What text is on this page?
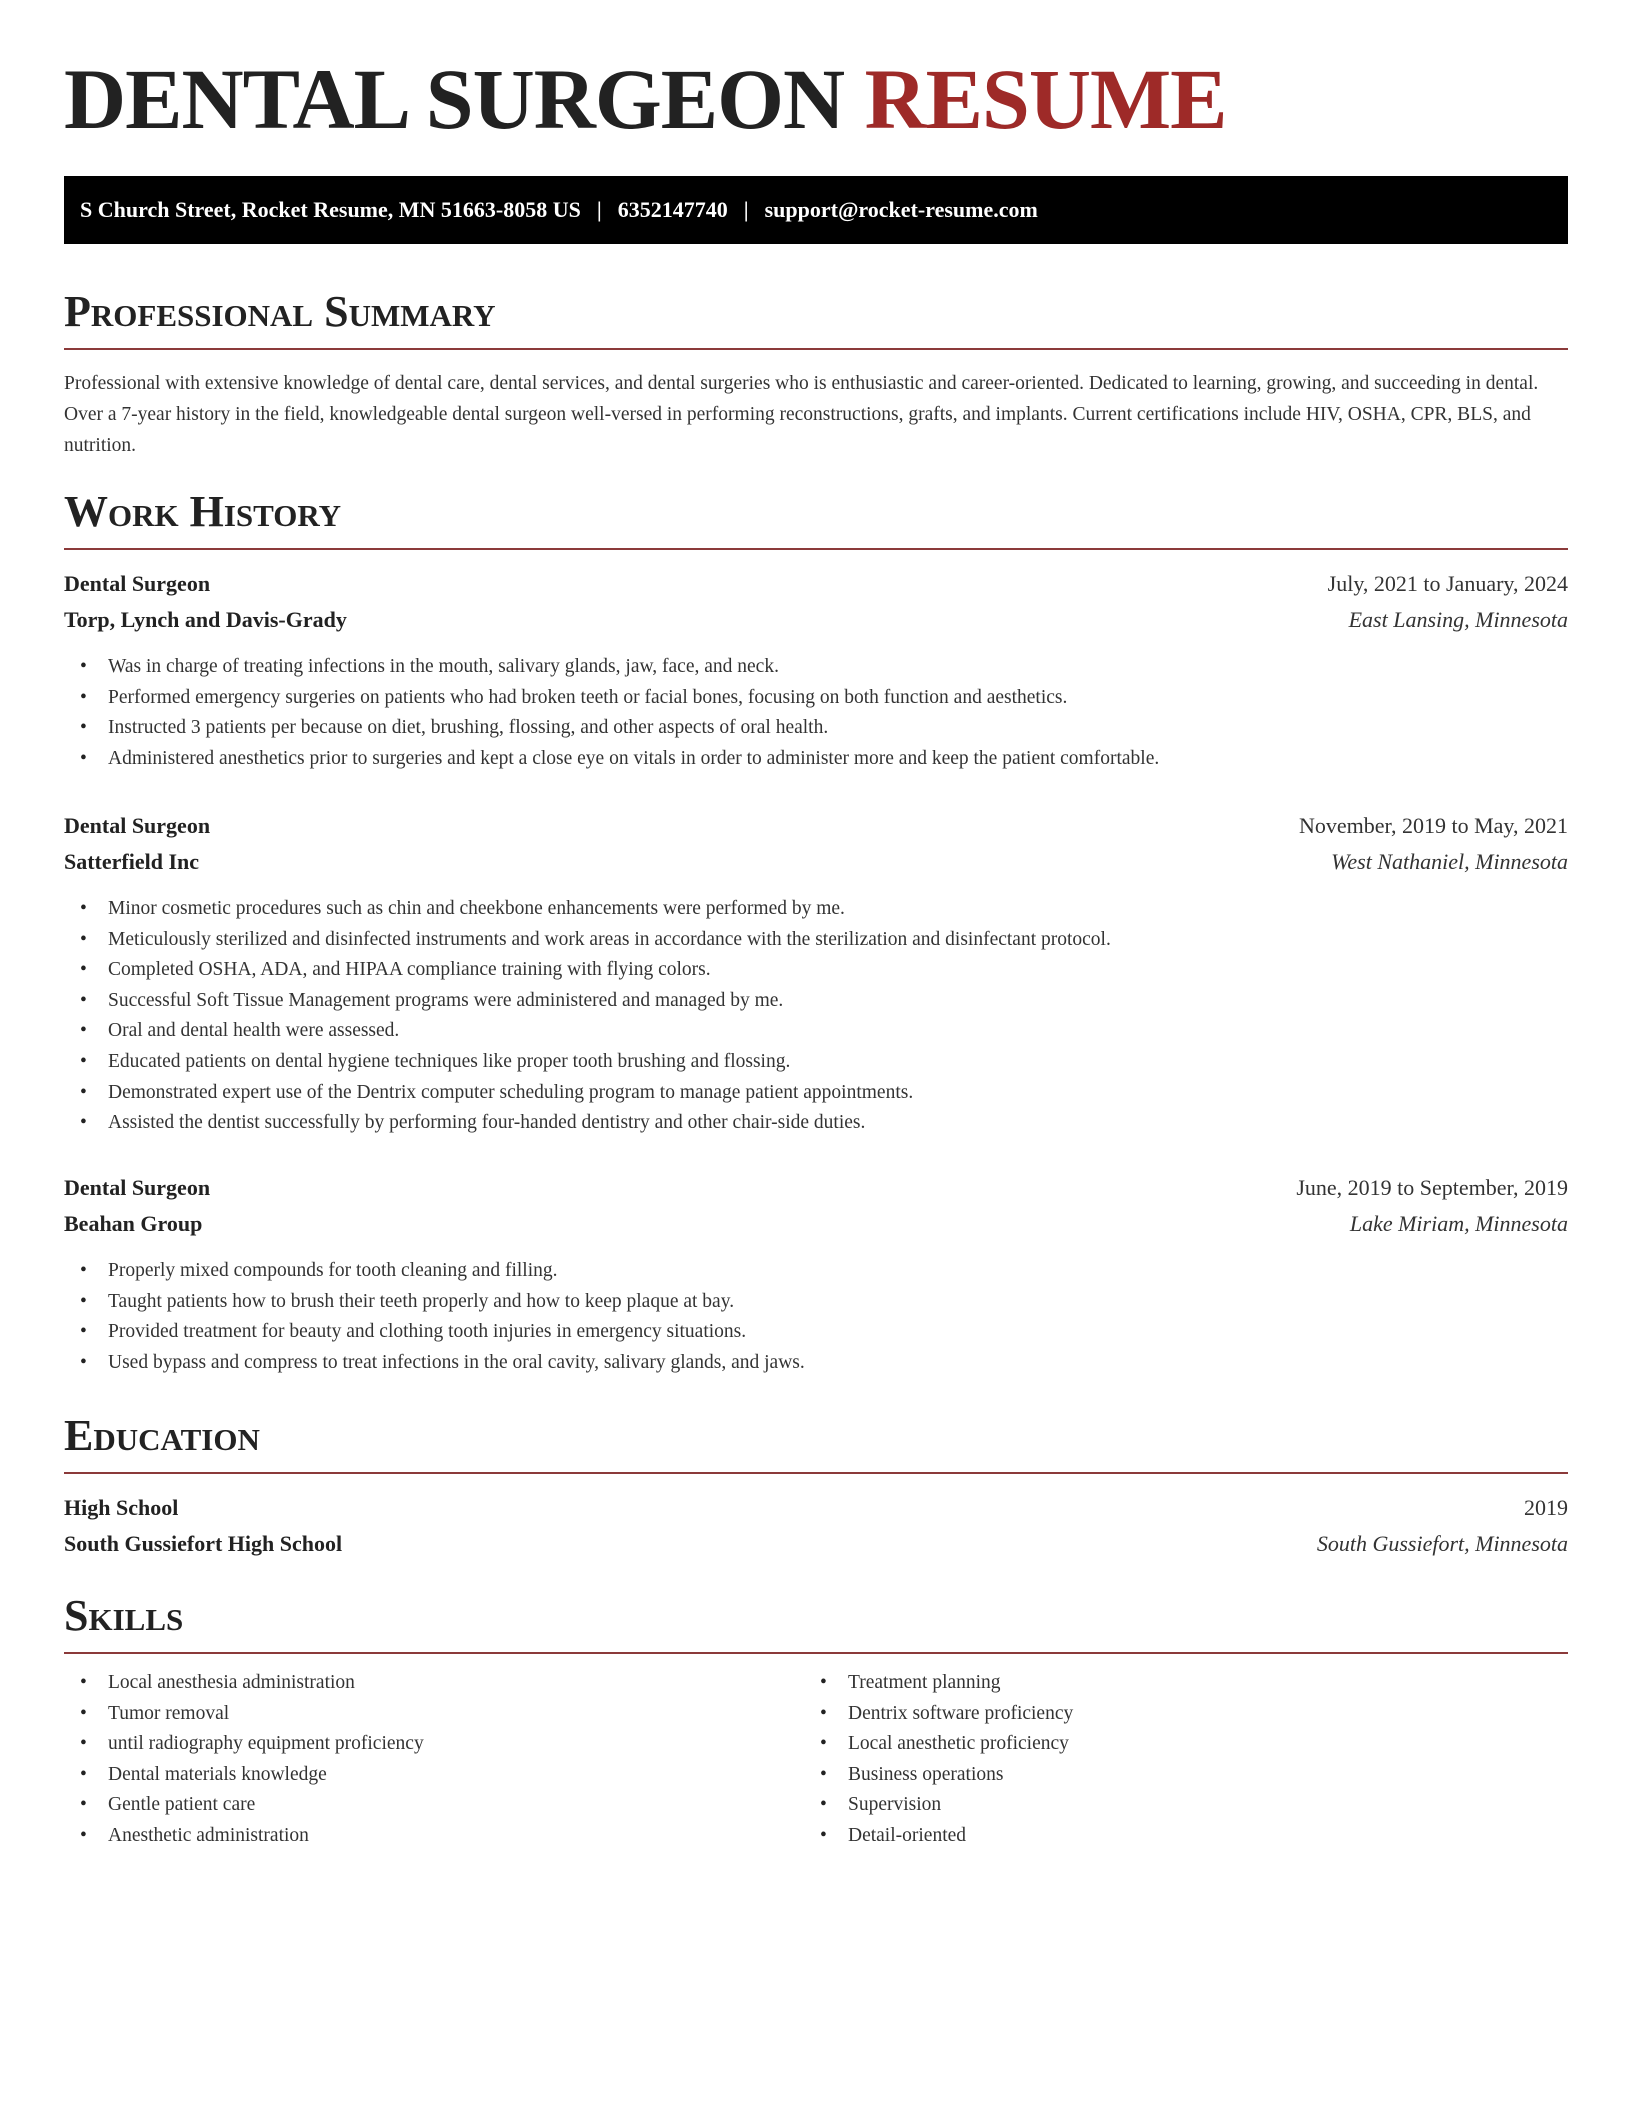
DENTAL SURGEON RESUME
S Church Street, Rocket Resume, MN 51663-8058 US | 6352147740 | support@rocket-resume.com
Professional Summary

Professional with extensive knowledge of dental care, dental services, and dental surgeries who is enthusiastic and career-oriented. Dedicated to learning, growing, and succeeding in dental. Over a 7-year history in the field, knowledgeable dental surgeon well-versed in performing reconstructions, grafts, and implants. Current certifications include HIV, OSHA, CPR, BLS, and nutrition.

Work History
Dental Surgeon	July, 2021 to January, 2024
Torp, Lynch and Davis-Grady	East Lansing, Minnesota
• Was in charge of treating infections in the mouth, salivary glands, jaw, face, and neck.
• Performed emergency surgeries on patients who had broken teeth or facial bones, focusing on both function and aesthetics.
• Instructed 3 patients per because on diet, brushing, flossing, and other aspects of oral health.
• Administered anesthetics prior to surgeries and kept a close eye on vitals in order to administer more and keep the patient comfortable.
Dental Surgeon	November, 2019 to May, 2021
Satterfield Inc	West Nathaniel, Minnesota
• Minor cosmetic procedures such as chin and cheekbone enhancements were performed by me.
• Meticulously sterilized and disinfected instruments and work areas in accordance with the sterilization and disinfectant protocol.
• Completed OSHA, ADA, and HIPAA compliance training with flying colors.
• Successful Soft Tissue Management programs were administered and managed by me.
• Oral and dental health were assessed.
• Educated patients on dental hygiene techniques like proper tooth brushing and flossing.
• Demonstrated expert use of the Dentrix computer scheduling program to manage patient appointments.
• Assisted the dentist successfully by performing four-handed dentistry and other chair-side duties.
Dental Surgeon	June, 2019 to September, 2019
Beahan Group	Lake Miriam, Minnesota
• Properly mixed compounds for tooth cleaning and filling.
• Taught patients how to brush their teeth properly and how to keep plaque at bay.
• Provided treatment for beauty and clothing tooth injuries in emergency situations.
• Used bypass and compress to treat infections in the oral cavity, salivary glands, and jaws.
Education
High School	2019
South Gussiefort High School	South Gussiefort, Minnesota
Skills
• Local anesthesia administration
• Tumor removal
• until radiography equipment proficiency
• Dental materials knowledge
• Gentle patient care
• Anesthetic administration
• Treatment planning
• Dentrix software proficiency
• Local anesthetic proficiency
• Business operations
• Supervision
• Detail-oriented
